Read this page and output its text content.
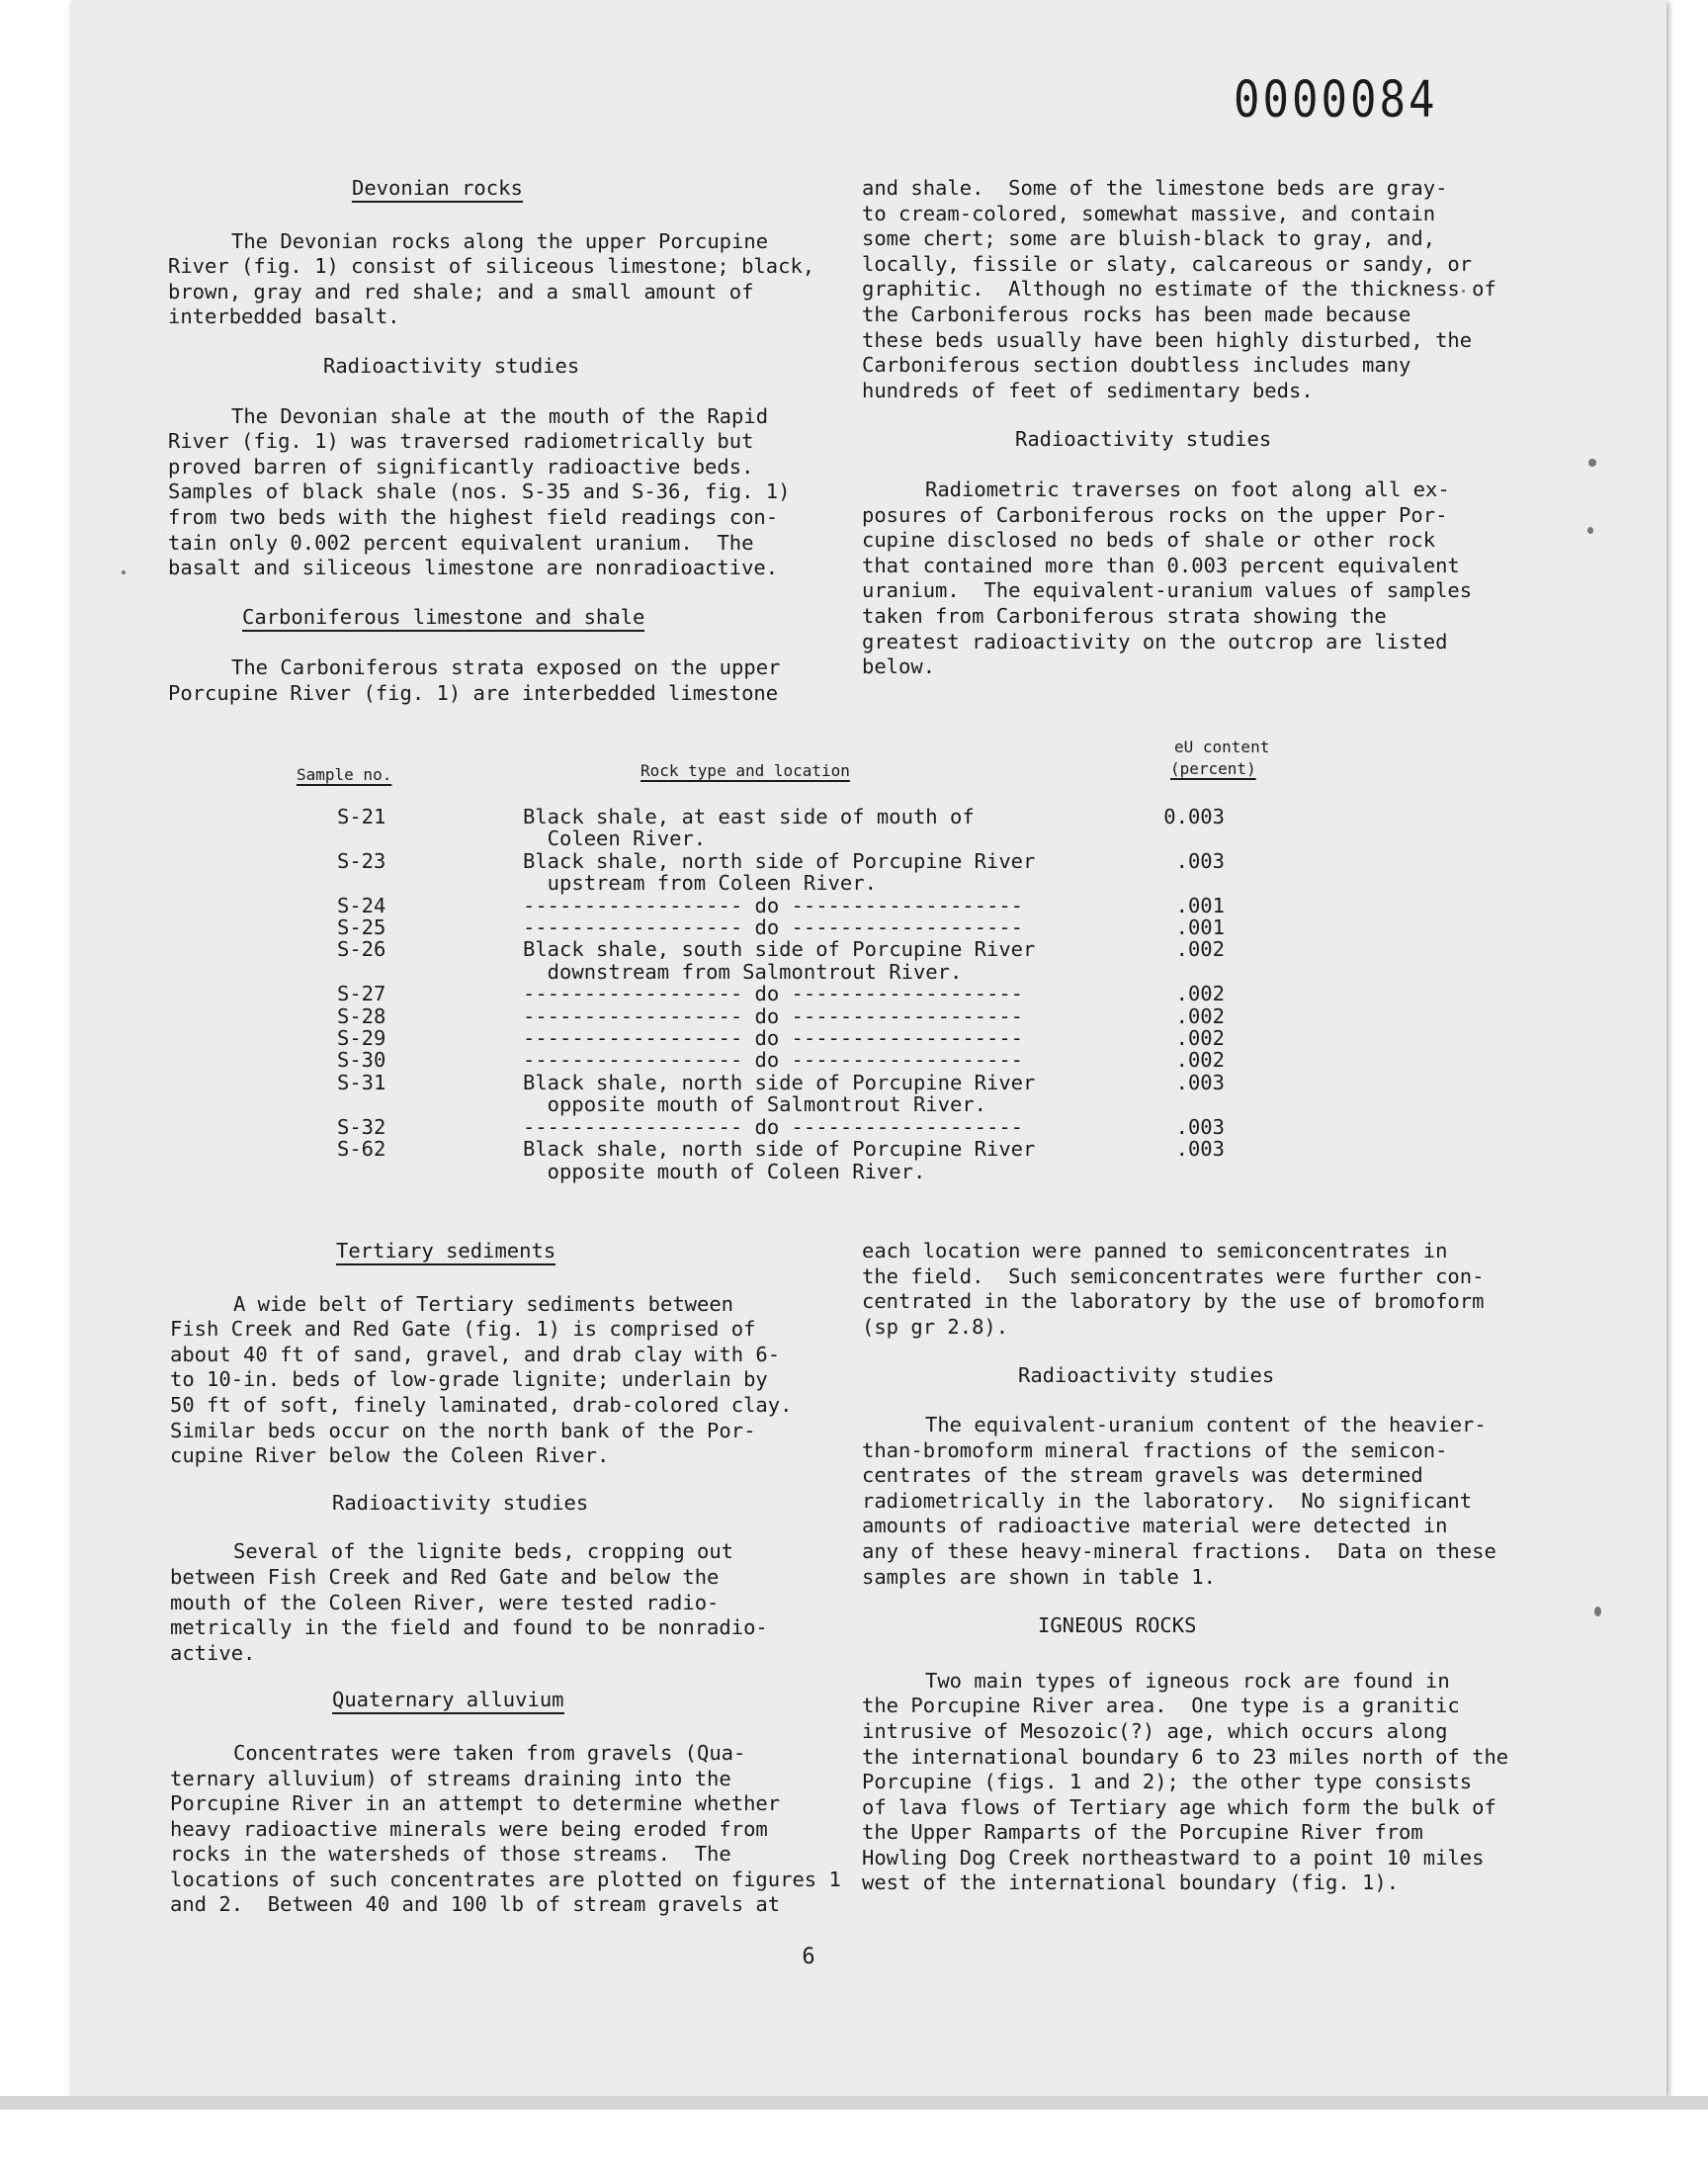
0000084
Devonian rocks
The Devonian rocks along the upper Porcupine
River (fig. 1) consist of siliceous limestone; black,
brown, gray and red shale; and a small amount of
interbedded basalt.
Radioactivity studies
The Devonian shale at the mouth of the Rapid
River (fig. 1) was traversed radiometrically but
proved barren of significantly radioactive beds.
Samples of black shale (nos. S-35 and S-36, fig. 1)
from two beds with the highest field readings con-
tain only 0.002 percent equivalent uranium.  The
basalt and siliceous limestone are nonradioactive.
Carboniferous limestone and shale
The Carboniferous strata exposed on the upper
Porcupine River (fig. 1) are interbedded limestone
and shale.  Some of the limestone beds are gray-
to cream-colored, somewhat massive, and contain
some chert; some are bluish-black to gray, and,
locally, fissile or slaty, calcareous or sandy, or
graphitic.  Although no estimate of the thickness of
the Carboniferous rocks has been made because
these beds usually have been highly disturbed, the
Carboniferous section doubtless includes many
hundreds of feet of sedimentary beds.
Radioactivity studies
Radiometric traverses on foot along all ex-
posures of Carboniferous rocks on the upper Por-
cupine disclosed no beds of shale or other rock
that contained more than 0.003 percent equivalent
uranium.  The equivalent-uranium values of samples
taken from Carboniferous strata showing the
greatest radioactivity on the outcrop are listed
below.
Sample no.	Rock type and location
eU content
(percent)
S-21	Black shale, at east side of mouth of	0.003
	Coleen River.	
S-23	Black shale, north side of Porcupine River	.003
	upstream from Coleen River.	
S-24	------------------ do -------------------	.001
S-25	------------------ do -------------------	.001
S-26	Black shale, south side of Porcupine River	.002
	downstream from Salmontrout River.	
S-27	------------------ do -------------------	.002
S-28	------------------ do -------------------	.002
S-29	------------------ do -------------------	.002
S-30	------------------ do -------------------	.002
S-31	Black shale, north side of Porcupine River	.003
	opposite mouth of Salmontrout River.	
S-32	------------------ do -------------------	.003
S-62	Black shale, north side of Porcupine River	.003
	opposite mouth of Coleen River.	
Tertiary sediments
A wide belt of Tertiary sediments between
Fish Creek and Red Gate (fig. 1) is comprised of
about 40 ft of sand, gravel, and drab clay with 6-
to 10-in. beds of low-grade lignite; underlain by
50 ft of soft, finely laminated, drab-colored clay.
Similar beds occur on the north bank of the Por-
cupine River below the Coleen River.
Radioactivity studies
Several of the lignite beds, cropping out
between Fish Creek and Red Gate and below the
mouth of the Coleen River, were tested radio-
metrically in the field and found to be nonradio-
active.
Quaternary alluvium
Concentrates were taken from gravels (Qua-
ternary alluvium) of streams draining into the
Porcupine River in an attempt to determine whether
heavy radioactive minerals were being eroded from
rocks in the watersheds of those streams.  The
locations of such concentrates are plotted on figures 1
and 2.  Between 40 and 100 lb of stream gravels at
each location were panned to semiconcentrates in
the field.  Such semiconcentrates were further con-
centrated in the laboratory by the use of bromoform
(sp gr 2.8).
Radioactivity studies
The equivalent-uranium content of the heavier-
than-bromoform mineral fractions of the semicon-
centrates of the stream gravels was determined
radiometrically in the laboratory.  No significant
amounts of radioactive material were detected in
any of these heavy-mineral fractions.  Data on these
samples are shown in table 1.
IGNEOUS ROCKS
Two main types of igneous rock are found in
the Porcupine River area.  One type is a granitic
intrusive of Mesozoic(?) age, which occurs along
the international boundary 6 to 23 miles north of the
Porcupine (figs. 1 and 2); the other type consists
of lava flows of Tertiary age which form the bulk of
the Upper Ramparts of the Porcupine River from
Howling Dog Creek northeastward to a point 10 miles
west of the international boundary (fig. 1).
6
